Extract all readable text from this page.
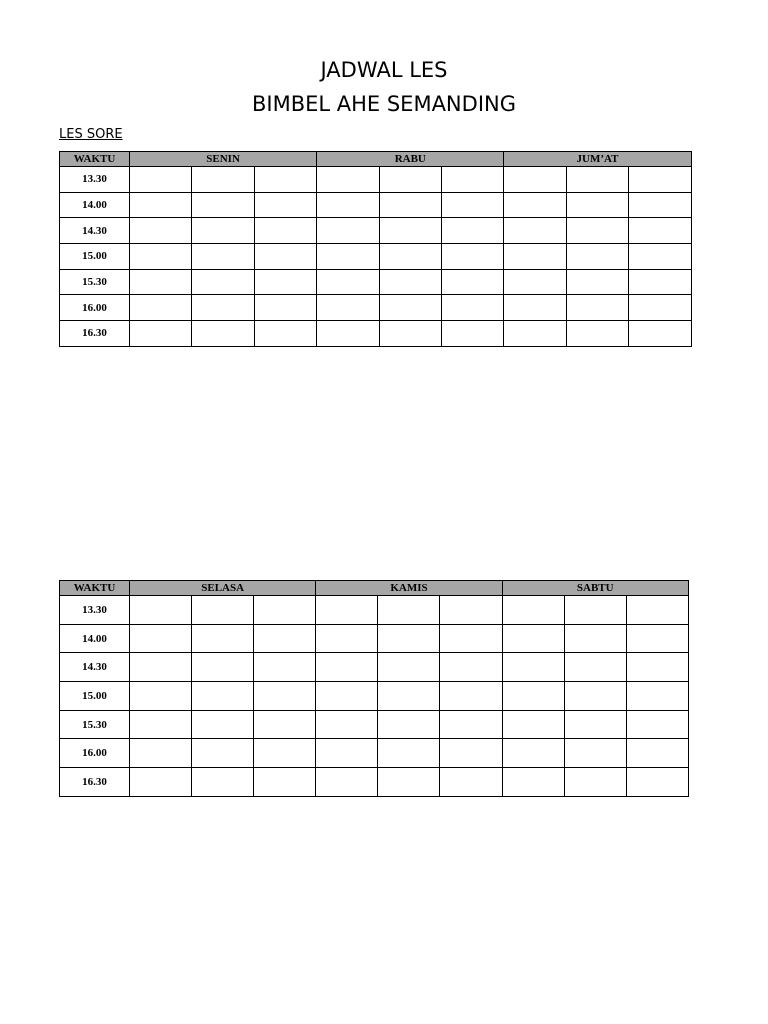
JADWAL LES
BIMBEL AHE SEMANDING
LES SORE
WAKTU	SENIN			RABU			JUM’AT		
13.30									
14.00									
14.30									
15.00									
15.30									
16.00									
16.30									
WAKTU	SELASA			KAMIS			SABTU		
13.30									
14.00									
14.30									
15.00									
15.30									
16.00									
16.30									
